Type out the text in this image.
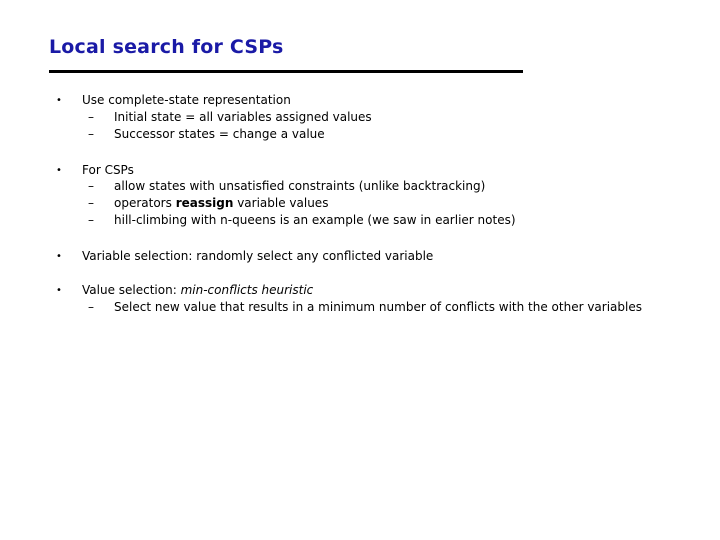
Local search for CSPs
• Use complete-state representation
– Initial state = all variables assigned values
– Successor states = change a value
• For CSPs
– allow states with unsatisfied constraints (unlike backtracking)
– operators reassign variable values
– hill-climbing with n-queens is an example (we saw in earlier notes)
• Variable selection: randomly select any conflicted variable
• Value selection: min-conflicts heuristic
– Select new value that results in a minimum number of conflicts with the other variables
